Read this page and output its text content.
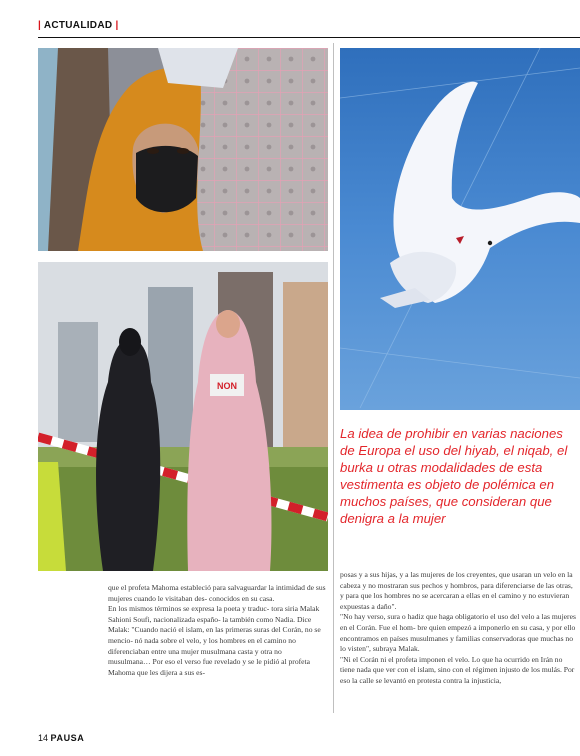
| ACTUALIDAD |
NON
La idea de prohibir en varias naciones de Europa el uso del hiyab, el niqab, el burka u otras modalidades de esta vestimenta es objeto de polémica en muchos países, que consideran que denigra a la mujer

que el profeta Mahoma estableció para salvaguardar la intimidad de sus mujeres cuando le visitaban des- conocidos en su casa.

En los mismos términos se expresa la poeta y traduc- tora siria Malak Sahioni Soufi, nacionalizada españo- la también como Nadia. Dice Malak: "Cuando nació el islam, en las primeras suras del Corán, no se mencio- nó nada sobre el velo, y los hombres en el camino no diferenciaban entre una mujer musulmana casta y otra no musulmana… Por eso el verso fue revelado y se le pidió al profeta Mahoma que les dijera a sus es-

posas y a sus hijas, y a las mujeres de los creyentes, que usaran un velo en la cabeza y no mostraran sus pechos y hombros, para diferenciarse de las otras, y para que los hombres no se acercaran a ellas en el camino y no estuvieran expuestas a daño".

"No hay verso, sura o hadiz que haga obligatorio el uso del velo a las mujeres en el Corán. Fue el hom- bre quien empezó a imponerlo en su casa, y por ello encontramos en países musulmanes y familias conservadoras que muchas no lo visten", subraya Malak.

"Ni el Corán ni el profeta imponen el velo. Lo que ha ocurrido en Irán no tiene nada que ver con el islam, sino con el régimen injusto de los mulás. Por eso la calle se levantó en protesta contra la injusticia,

14 PAUSA
